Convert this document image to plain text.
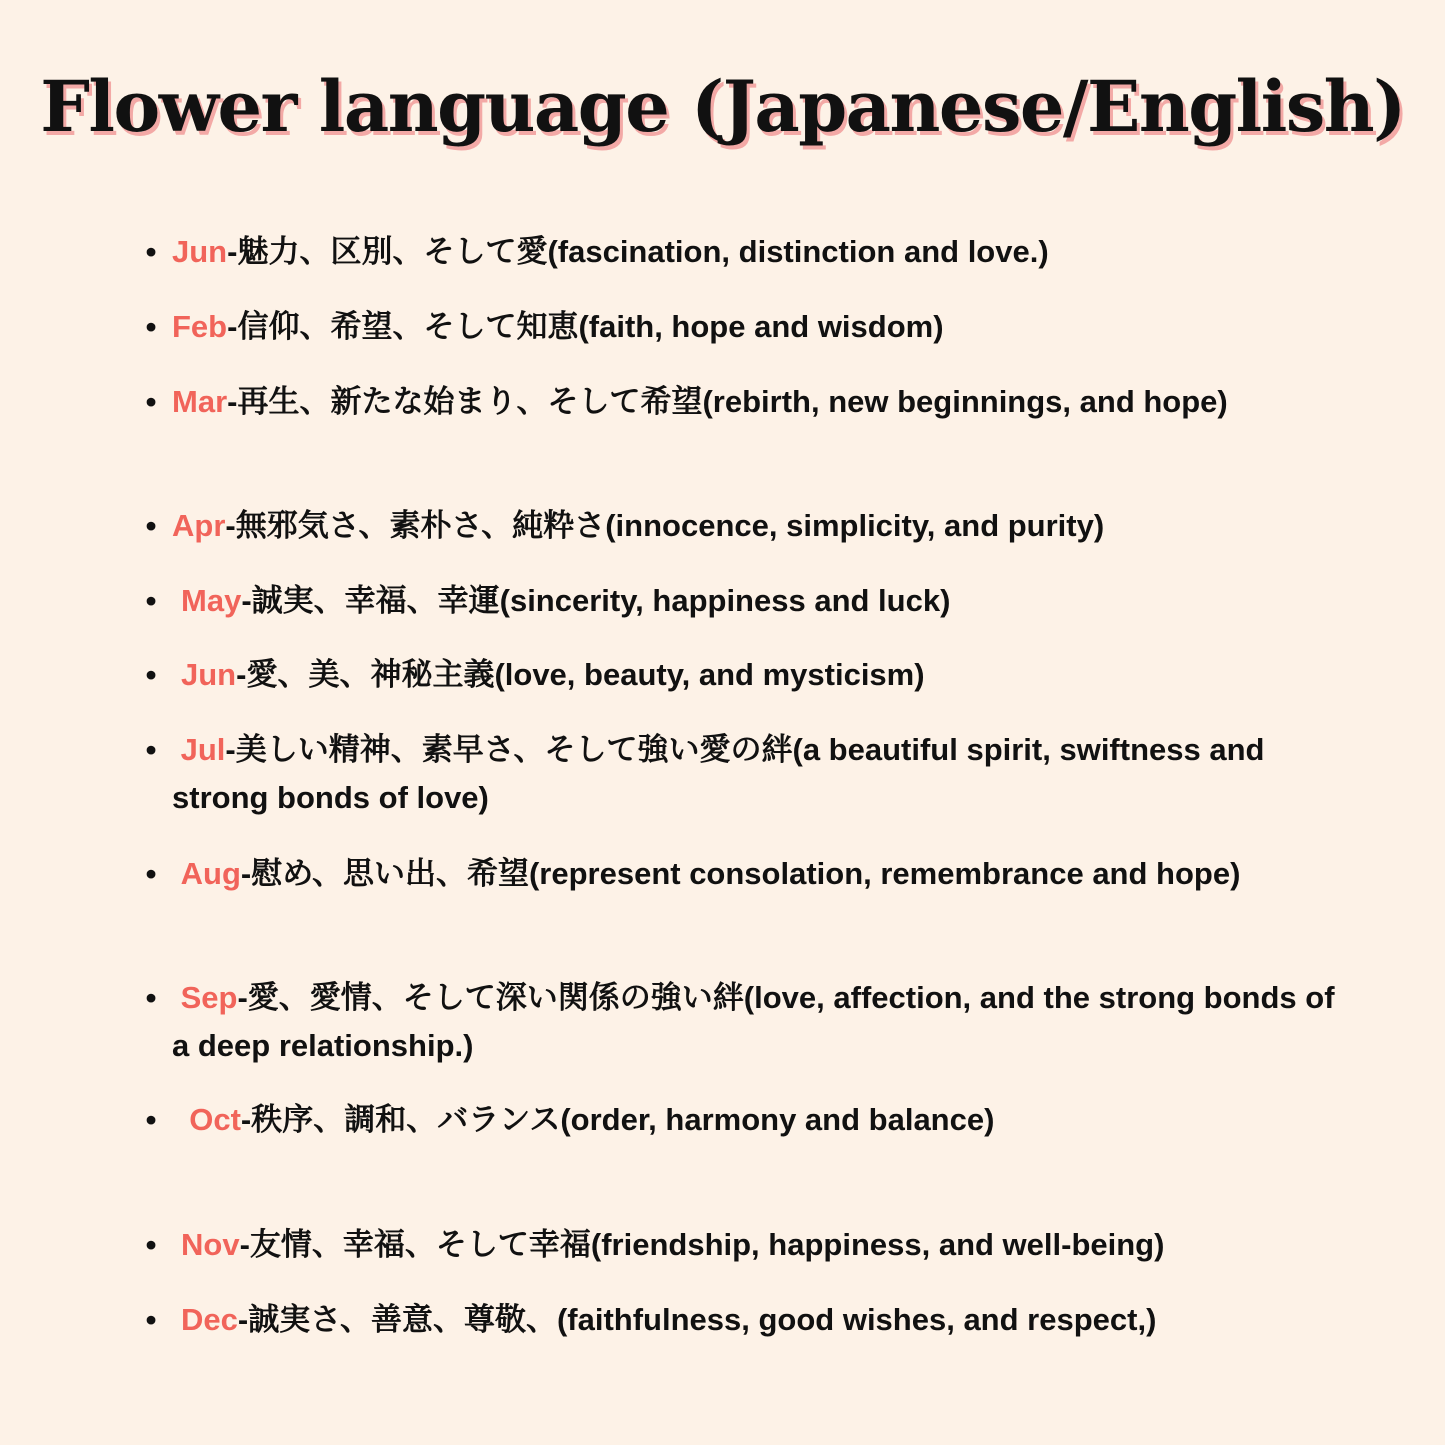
Flower language (Japanese/English)
• Jun-魅力、区別、そして愛(fascination, distinction and love.)
• Feb-信仰、希望、そして知恵(faith, hope and wisdom)
• Mar-再生、新たな始まり、そして希望(rebirth, new beginnings, and hope)
• Apr-無邪気さ、素朴さ、純粋さ(innocence, simplicity, and purity)
• May-誠実、幸福、幸運(sincerity, happiness and luck)
• Jun-愛、美、神秘主義(love, beauty, and mysticism)
• Jul-美しい精神、素早さ、そして強い愛の絆(a beautiful spirit, swiftness and strong bonds of love)
• Aug-慰め、思い出、希望(represent consolation, remembrance and hope)
• Sep-愛、愛情、そして深い関係の強い絆(love, affection, and the strong bonds of a deep relationship.)
•	Oct-秩序、調和、バランス(order, harmony and balance)
• Nov-友情、幸福、そして幸福(friendship, happiness, and well-being)
• Dec-誠実さ、善意、尊敬、(faithfulness, good wishes, and respect,)
